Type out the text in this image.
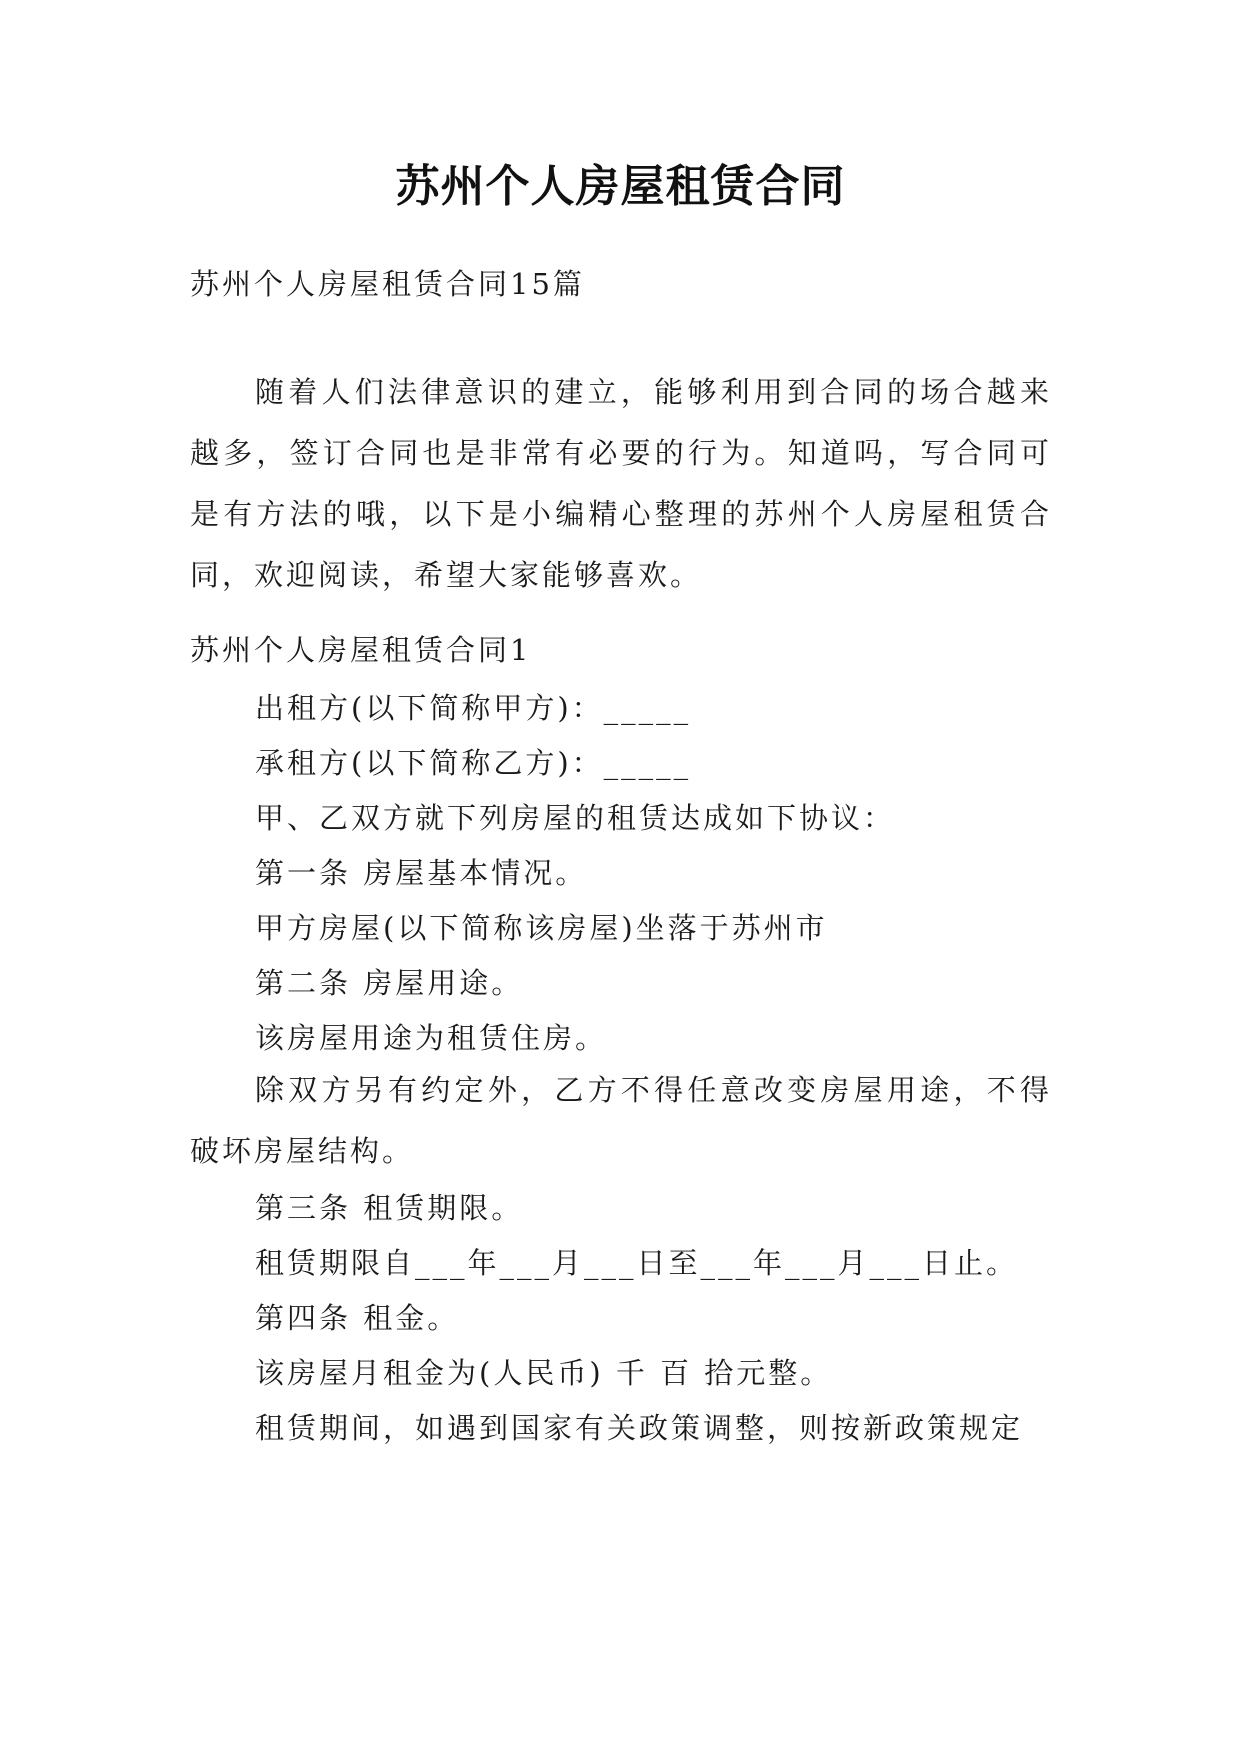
苏州个人房屋租赁合同
苏州个人房屋租赁合同15篇
随着人们法律意识的建立，能够利用到合同的场合越来越多，签订合同也是非常有必要的行为。知道吗，写合同可是有方法的哦，以下是小编精心整理的苏州个人房屋租赁合同，欢迎阅读，希望大家能够喜欢。
苏州个人房屋租赁合同1
出租方(以下简称甲方)：_____
承租方(以下简称乙方)：_____
甲、乙双方就下列房屋的租赁达成如下协议：
第一条 房屋基本情况。
甲方房屋(以下简称该房屋)坐落于苏州市
第二条 房屋用途。
该房屋用途为租赁住房。
除双方另有约定外，乙方不得任意改变房屋用途，不得破坏房屋结构。
第三条 租赁期限。
租赁期限自___年___月___日至___年___月___日止。
第四条 租金。
该房屋月租金为(人民币) 千 百 拾元整。
租赁期间，如遇到国家有关政策调整，则按新政策规定
